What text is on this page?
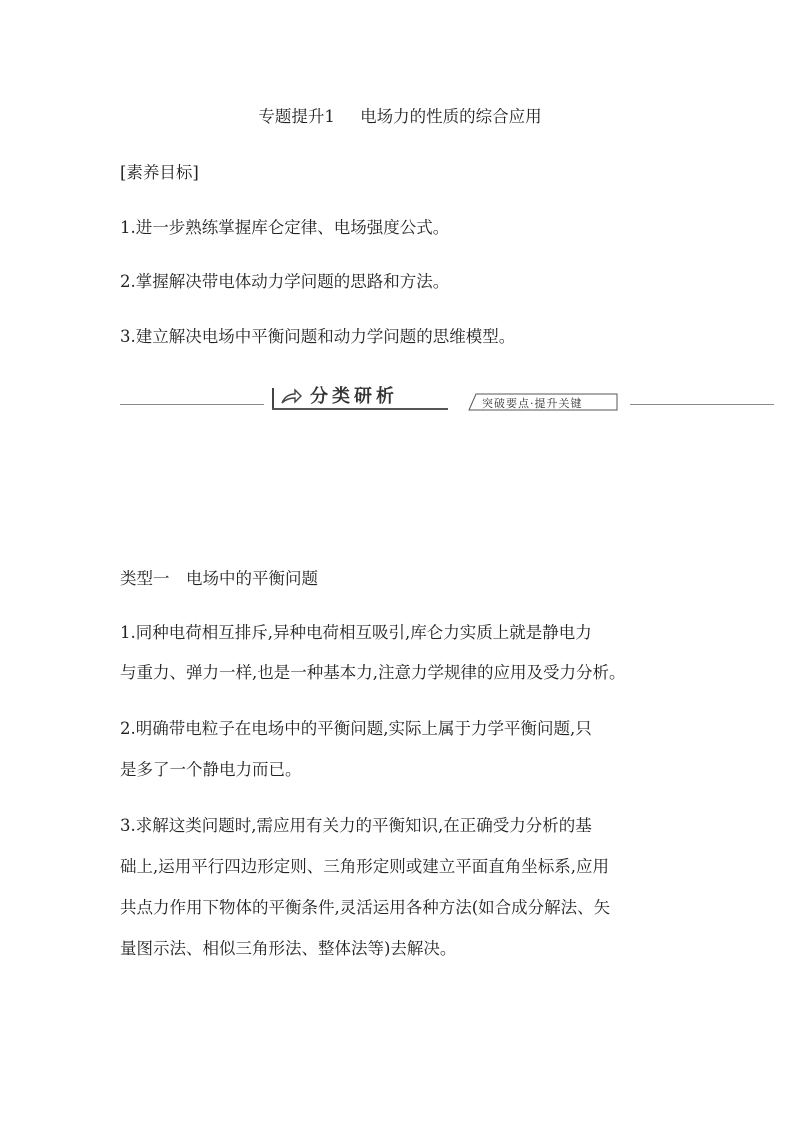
专题提升1 电场力的性质的综合应用
[素养目标]
1.进一步熟练掌握库仑定律、电场强度公式。
2.掌握解决带电体动力学问题的思路和方法。
3.建立解决电场中平衡问题和动力学问题的思维模型。
分类研析	突破要点·提升关键
类型一　电场中的平衡问题
1.同种电荷相互排斥,异种电荷相互吸引,库仑力实质上就是静电力
与重力、弹力一样,也是一种基本力,注意力学规律的应用及受力分析。
2.明确带电粒子在电场中的平衡问题,实际上属于力学平衡问题,只
是多了一个静电力而已。
3.求解这类问题时,需应用有关力的平衡知识,在正确受力分析的基
础上,运用平行四边形定则、三角形定则或建立平面直角坐标系,应用
共点力作用下物体的平衡条件,灵活运用各种方法(如合成分解法、矢
量图示法、相似三角形法、整体法等)去解决。
